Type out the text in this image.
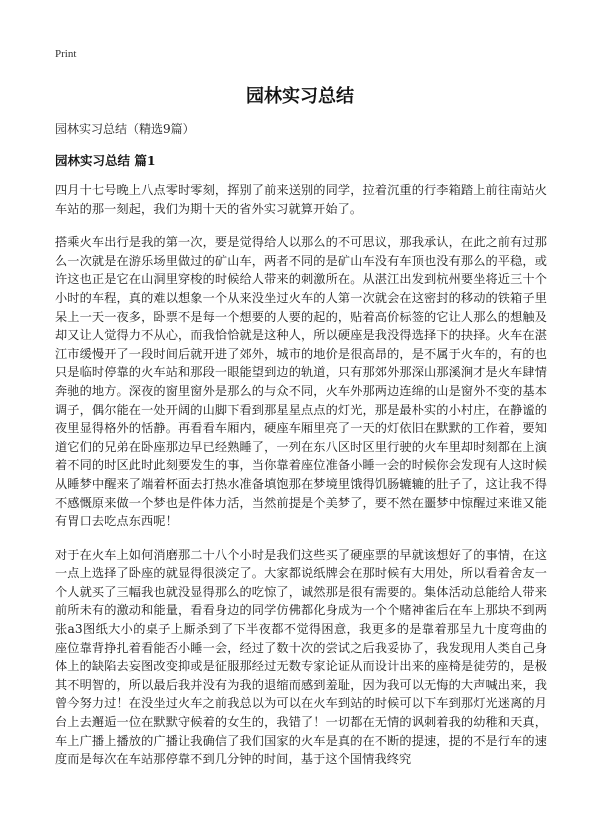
Print
园林实习总结
园林实习总结（精选9篇）
园林实习总结 篇1

四月十七号晚上八点零时零刻，挥别了前来送别的同学，拉着沉重的行李箱踏上前往南站火车站的那一刻起，我们为期十天的省外实习就算开始了。

搭乘火车出行是我的第一次，要是觉得给人以那么的不可思议，那我承认，在此之前有过那么一次就是在游乐场里做过的矿山车，两者不同的是矿山车没有车顶也没有那么的平稳，或许这也正是它在山洞里穿梭的时候给人带来的刺激所在。从湛江出发到杭州要坐将近三十个小时的车程，真的难以想象一个从来没坐过火车的人第一次就会在这密封的移动的铁箱子里呆上一天一夜多，卧票不是每一个想要的人要的起的，贴着高价标签的它让人那么的想触及却又让人觉得力不从心，而我恰恰就是这种人，所以硬座是我没得选择下的抉择。火车在湛江市缓慢开了一段时间后就开进了郊外，城市的地价是很高昂的，是不属于火车的，有的也只是临时停靠的火车站和那段一眼能望到边的轨道，只有那郊外那深山那溪涧才是火车肆情奔驰的地方。深夜的窗里窗外是那么的与众不同，火车外那两边连绵的山是窗外不变的基本调子，偶尔能在一处开阔的山脚下看到那星星点点的灯光，那是最朴实的小村庄，在静谧的夜里显得格外的恬静。再看看车厢内，硬座车厢里亮了一天的灯依旧在默默的工作着，要知道它们的兄弟在卧座那边早已经熟睡了，一列在东八区时区里行驶的火车里却时刻都在上演着不同的时区此时此刻要发生的事，当你靠着座位准备小睡一会的时候你会发现有人这时候从睡梦中醒来了端着杯面去打热水准备填饱那在梦境里饿得饥肠辘辘的肚子了，这让我不得不感慨原来做一个梦也是件体力活，当然前提是个美梦了，要不然在噩梦中惊醒过来谁又能有胃口去吃点东西呢！

对于在火车上如何消磨那二十八个小时是我们这些买了硬座票的早就该想好了的事情，在这一点上选择了卧座的就显得很淡定了。大家都说纸牌会在那时候有大用处，所以看着舍友一个人就买了三幅我也就没显得那么的吃惊了，诚然那是很有需要的。集体活动总能给人带来前所未有的激动和能量，看看身边的同学仿佛都化身成为一个个赌神雀后在车上那块不到两张a3图纸大小的桌子上厮杀到了下半夜都不觉得困意，我更多的是靠着那呈九十度弯曲的座位靠背挣扎着看能否小睡一会，经过了数十次的尝试之后我妥协了，我发现用人类自己身体上的缺陷去妄图改变抑或是征服那经过无数专家论证从而设计出来的座椅是徒劳的，是极其不明智的，所以最后我并没有为我的退缩而感到羞耻，因为我可以无悔的大声喊出来，我曾今努力过！在没坐过火车之前我总以为可以在火车到站的时候可以下车到那灯光迷离的月台上去邂逅一位在默默守候着的女生的，我错了！一切都在无情的讽刺着我的幼稚和天真，车上广播上播放的广播让我确信了我们国家的火车是真的在不断的提速，提的不是行车的速度而是每次在车站那停靠不到几分钟的时间，基于这个国情我终究
